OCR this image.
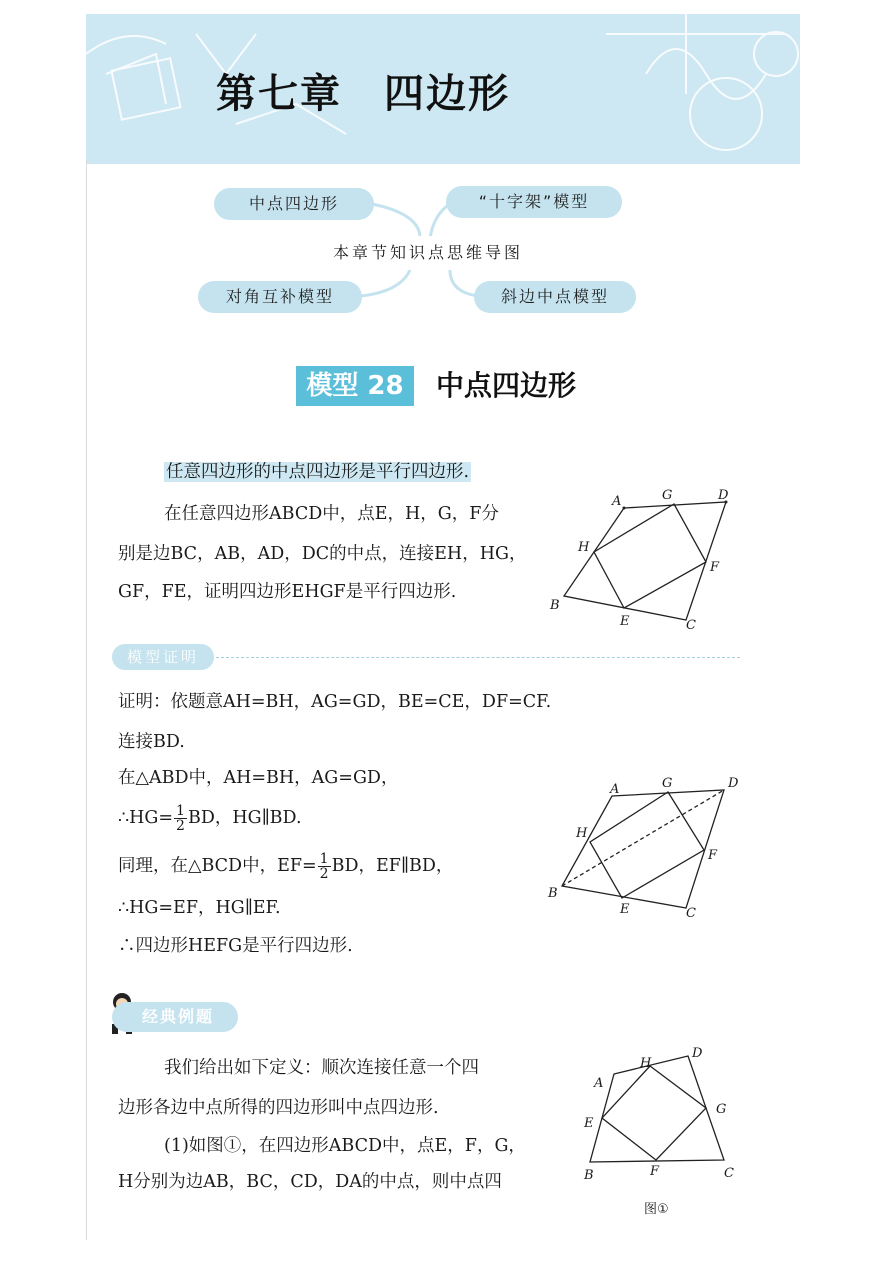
第七章　四边形
中点四边形	“十字架”模型
本章节知识点思维导图
对角互补模型	斜边中点模型
模型 28	中点四边形
任意四边形的中点四边形是平行四边形.
在任意四边形ABCD中，点E，H，G，F分
别是边BC，AB，AD，DC的中点，连接EH，HG，
GF，FE，证明四边形EHGF是平行四边形.
A	G	D
H
F
B
E	C
模型证明
证明：依题意AH=BH，AG=GD，BE=CE，DF=CF.
连接BD.
在△ABD中，AH=BH，AG=GD，
∴HG= $\frac{1}{2}$ BD，HG∥BD.
同理，在△BCD中，$EF= \frac{1}{2}$ BD，EF∥BD，
∴HG=EF，HG∥EF.
∴四边形HEFG是平行四边形.
A	G	D
H
F
B
E	C
经典例题
我们给出如下定义：顺次连接任意一个四
边形各边中点所得的四边形叫中点四边形.
(1)如图①，在四边形ABCD中，点E，F，G，
H分别为边AB，BC，CD，DA的中点，则中点四
H
D
A
E
G
B	F	C
图①
